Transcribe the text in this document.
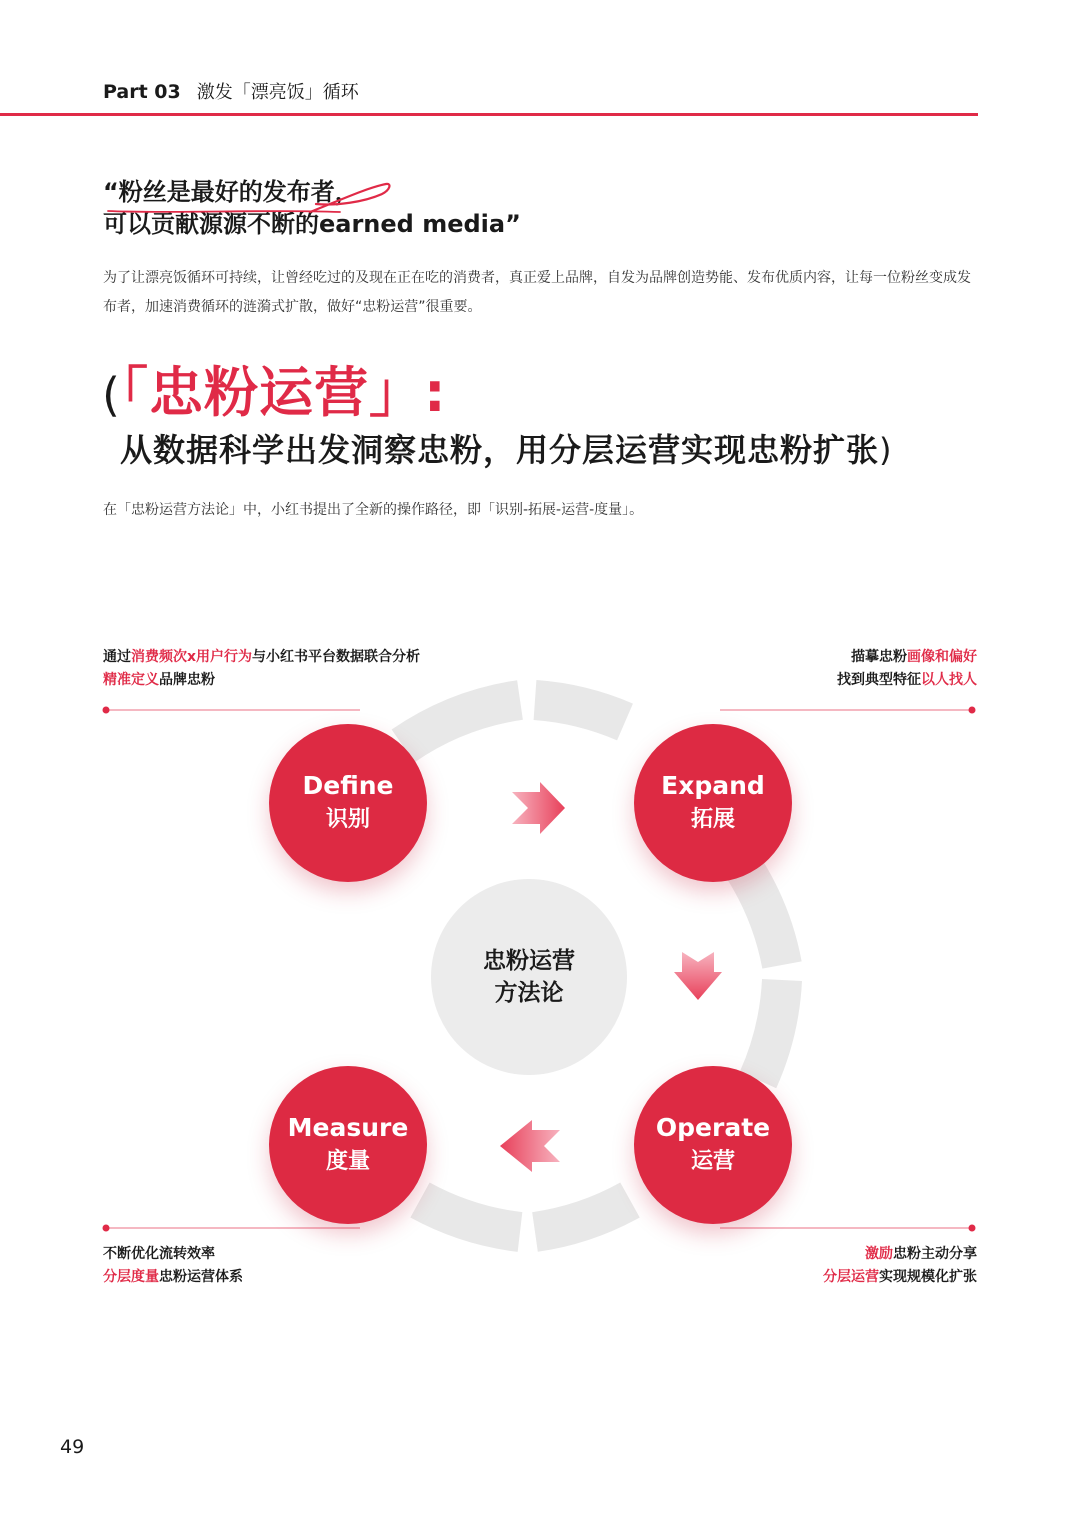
Part 03 激发「漂亮饭」循环
“粉丝是最好的发布者，
可以贡献源源不断的earned media”
为了让漂亮饭循环可持续，让曾经吃过的及现在正在吃的消费者，真正爱上品牌，自发为品牌创造势能、发布优质内容，让每一位粉丝变成发布者，加速消费循环的涟漪式扩散，做好“忠粉运营”很重要。
(「忠粉运营」:
从数据科学出发洞察忠粉，用分层运营实现忠粉扩张)
在「忠粉运营方法论」中，小红书提出了全新的操作路径，即「识别-拓展-运营-度量」。
通过消费频次x用户行为与小红书平台数据联合分析
精准定义品牌忠粉
描摹忠粉画像和偏好
找到典型特征以人找人
不断优化流转效率
分层度量忠粉运营体系
激励忠粉主动分享
分层运营实现规模化扩张
忠粉运营
方法论
Define
识别
Expand
拓展
Operate
运营
Measure
度量
49
